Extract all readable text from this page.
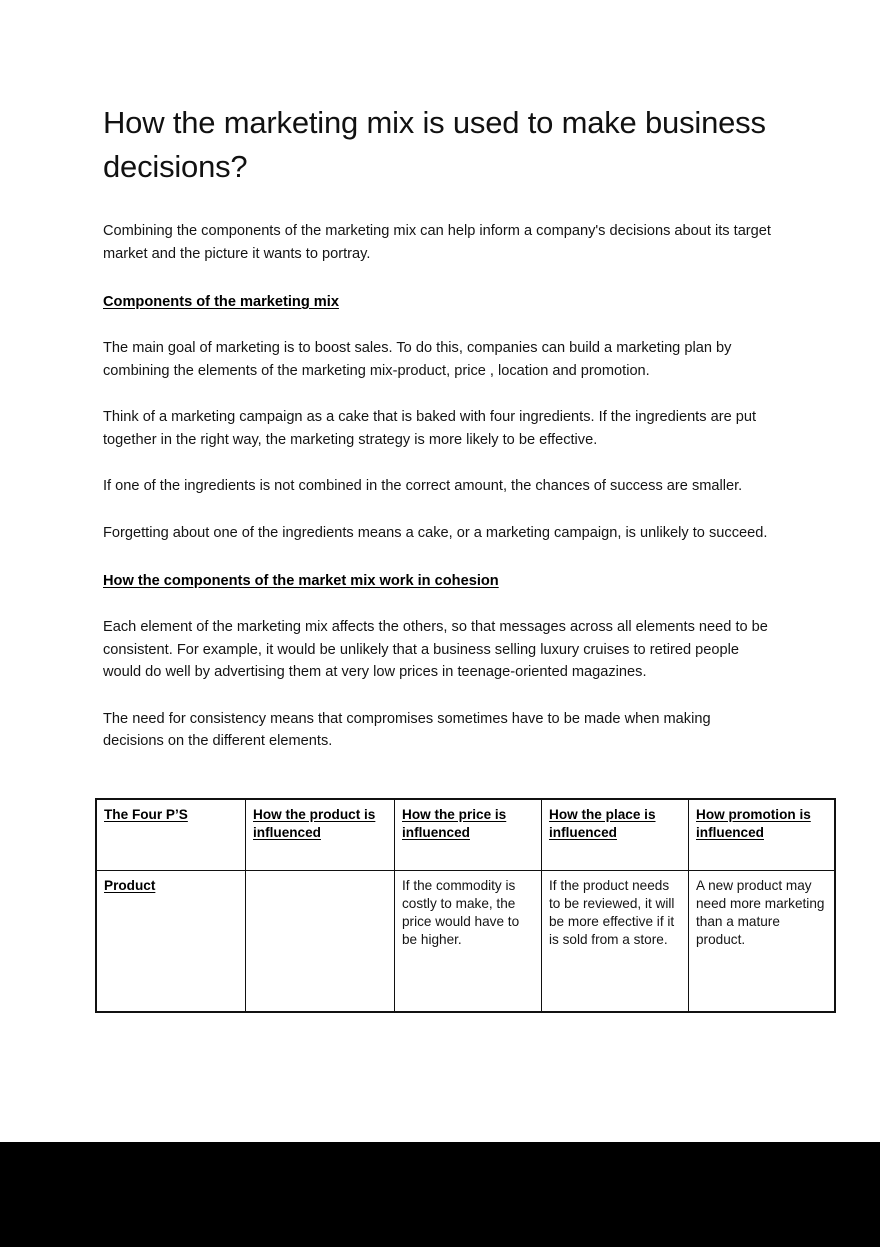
How the marketing mix is used to make business decisions?

Combining the components of the marketing mix can help inform a company's decisions about its target market and the picture it wants to portray.

Components of the marketing mix

The main goal of marketing is to boost sales. To do this, companies can build a marketing plan by combining the elements of the marketing mix-product, price , location and promotion.

Think of a marketing campaign as a cake that is baked with four ingredients. If the ingredients are put together in the right way, the marketing strategy is more likely to be effective.

If one of the ingredients is not combined in the correct amount, the chances of success are smaller.

Forgetting about one of the ingredients means a cake, or a marketing campaign, is unlikely to succeed.

How the components of the market mix work in cohesion

Each element of the marketing mix affects the others, so that messages across all elements need to be consistent. For example, it would be unlikely that a business selling luxury cruises to retired people would do well by advertising them at very low prices in teenage-oriented magazines.

The need for consistency means that compromises sometimes have to be made when making decisions on the different elements.

The Four P’S	How the product is influenced	How the price is influenced	How the place is influenced	How promotion is influenced
Product		If the commodity is costly to make, the price would have to be higher.	If the product needs to be reviewed, it will be more effective if it is sold from a store.	A new product may need more marketing than a mature product.
